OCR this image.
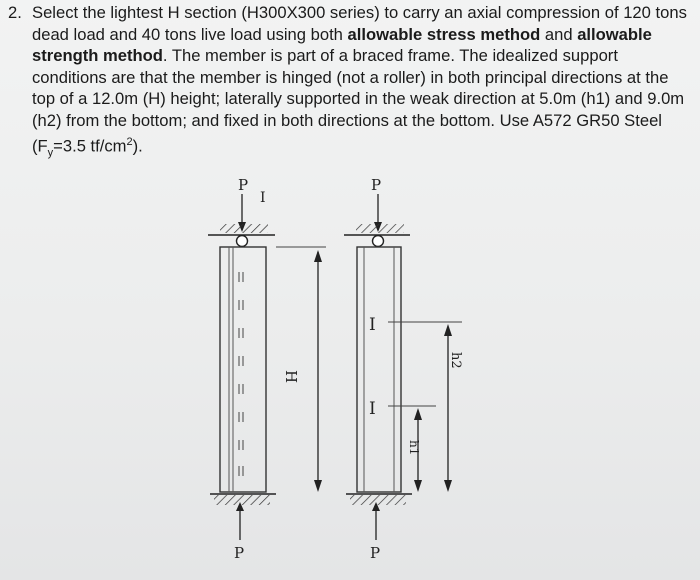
2. Select the lightest H section (H300X300 series) to carry an axial compression of 120 tons dead load and 40 tons live load using both allowable stress method and allowable strength method. The member is part of a braced frame. The idealized support conditions are that the member is hinged (not a roller) in both principal directions at the top of a 12.0m (H) height; laterally supported in the weak direction at 5.0m (h1) and 9.0m (h2) from the bottom; and fixed in both directions at the bottom. Use A572 GR50 Steel ($F_y=3.5$ $tf/cm^2$).
P
I
P
H
P
I
I
P
h2
h1
